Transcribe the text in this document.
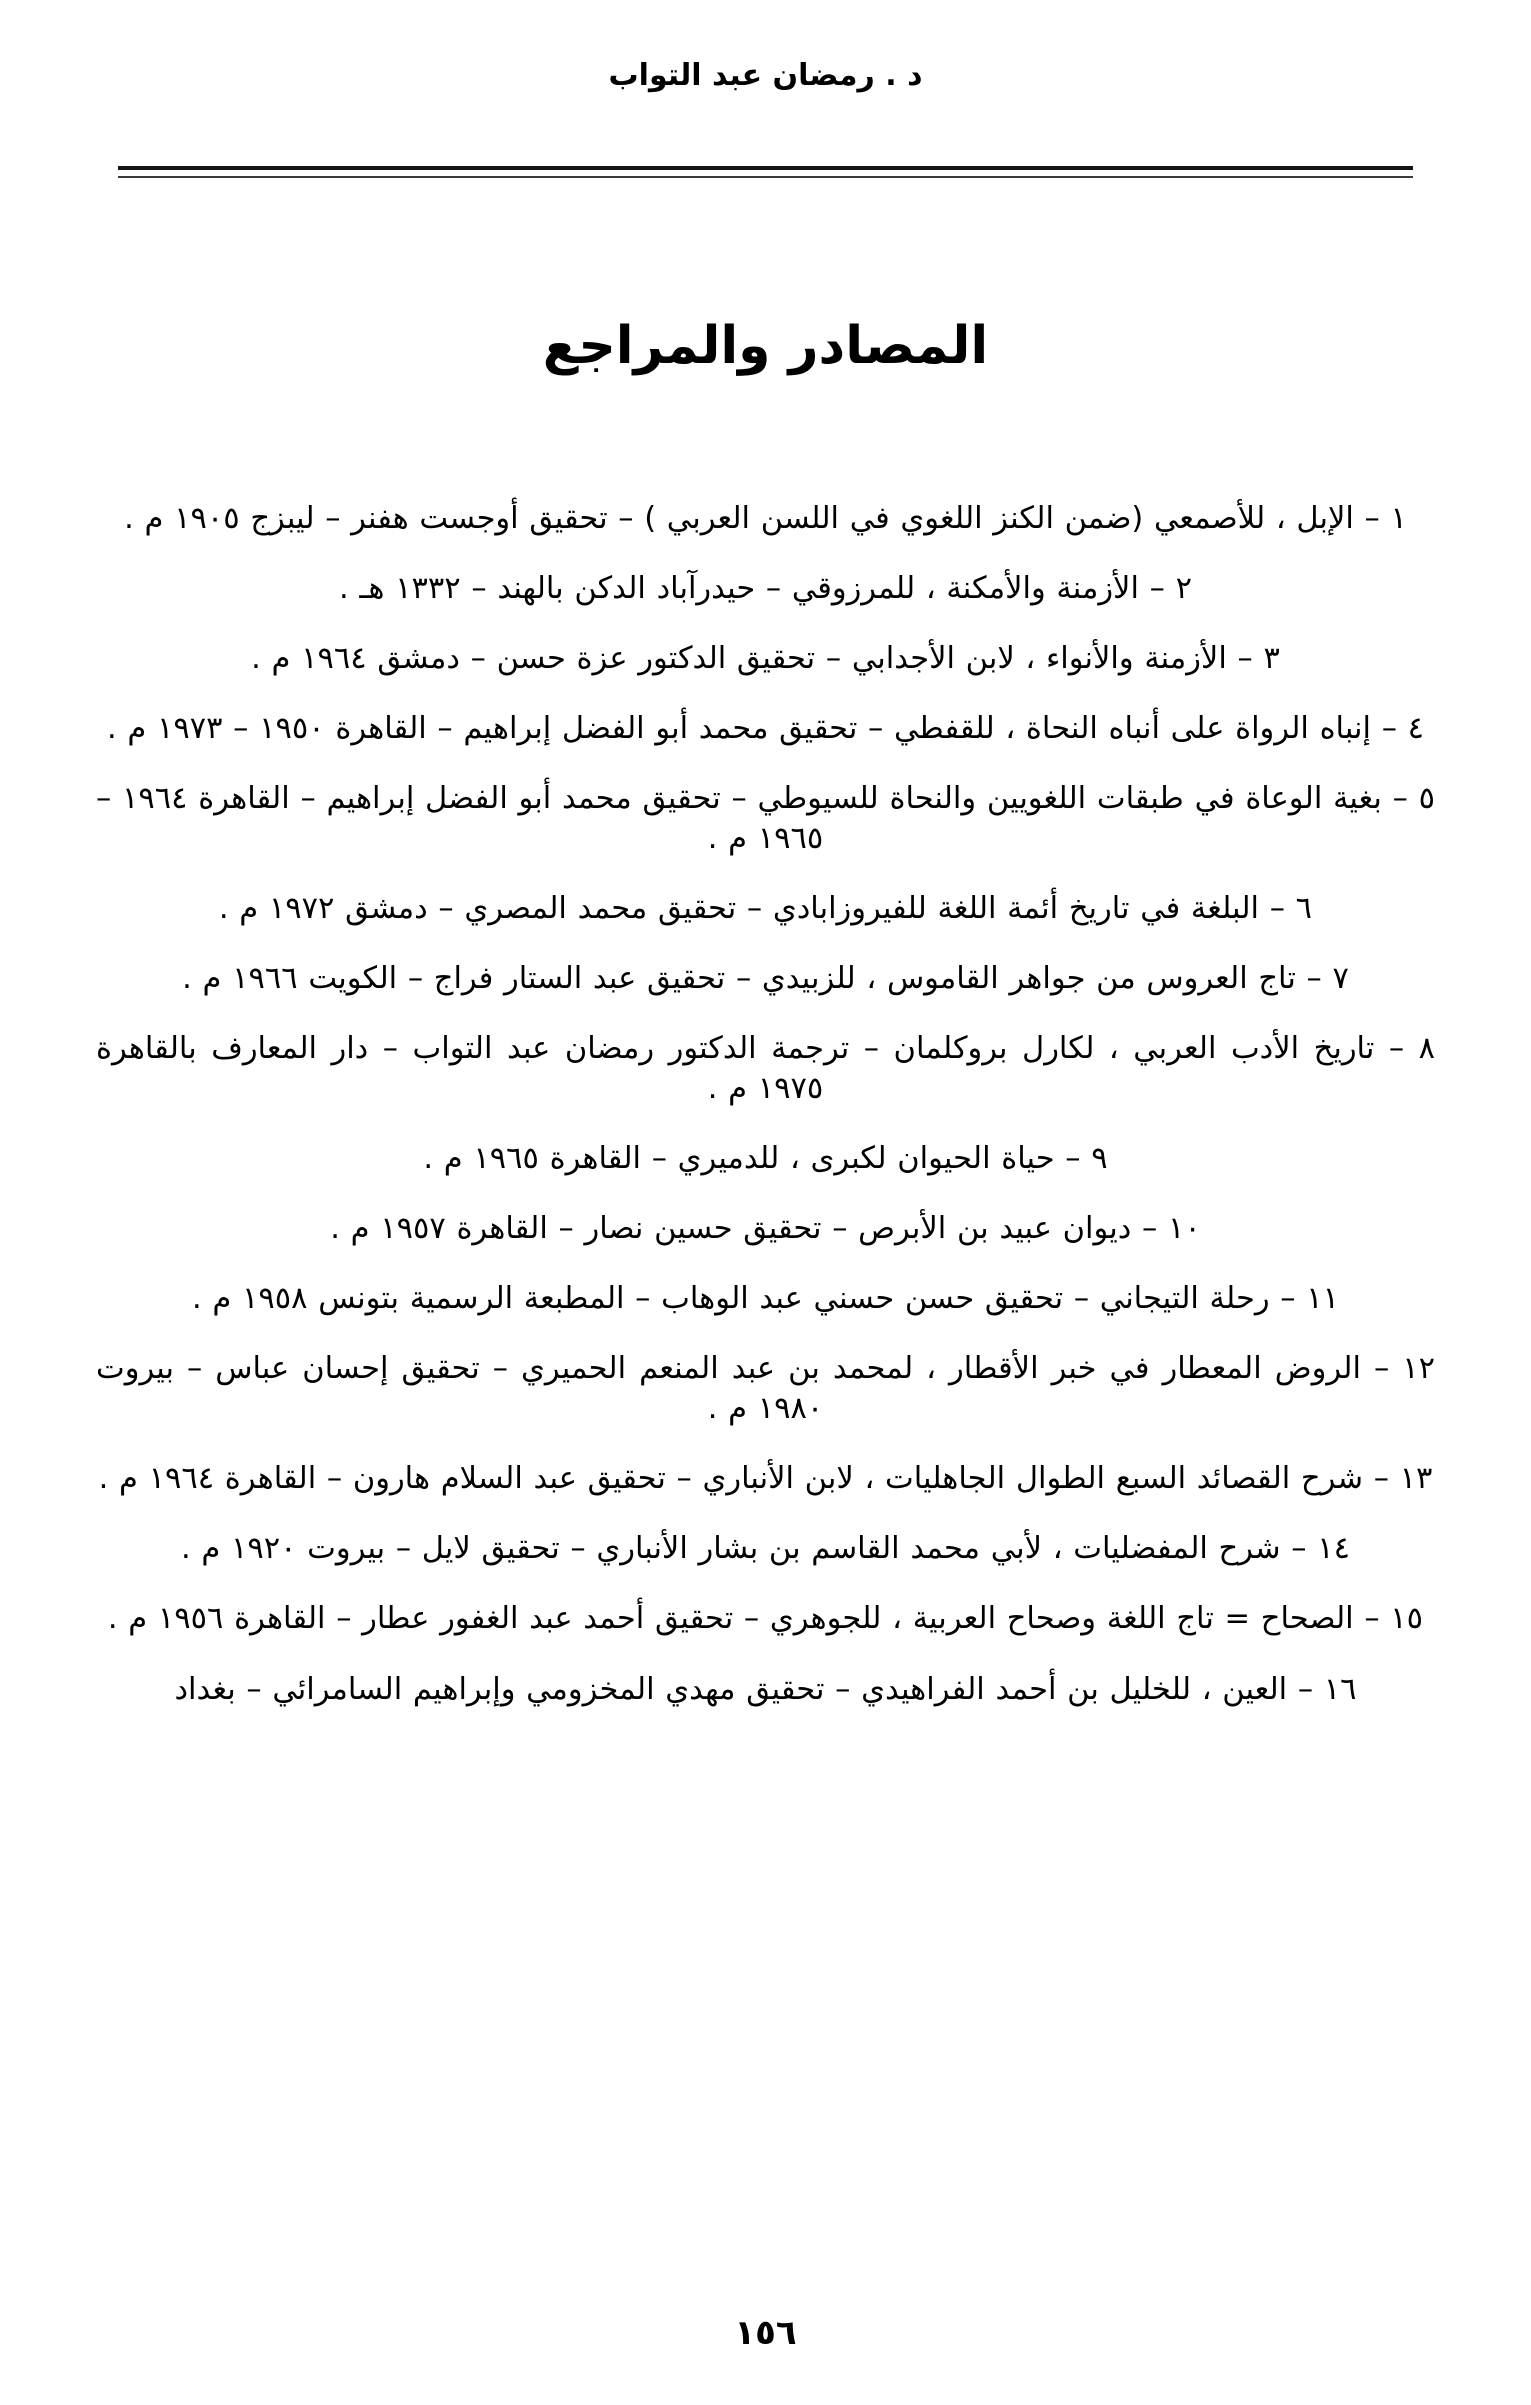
د . رمضان عبد التواب
المصادر والمراجع

١ – الإبل ، للأصمعي (ضمن الكنز اللغوي في اللسن العربي ) – تحقيق أوجست هفنر – ليبزج ١٩٠٥ م .

٢ – الأزمنة والأمكنة ، للمرزوقي – حيدرآباد الدكن بالهند – ١٣٣٢ هـ .

٣ – الأزمنة والأنواء ، لابن الأجدابي – تحقيق الدكتور عزة حسن – دمشق ١٩٦٤ م .

٤ – إنباه الرواة على أنباه النحاة ، للقفطي – تحقيق محمد أبو الفضل إبراهيم – القاهرة ١٩٥٠ – ١٩٧٣ م .

٥ – بغية الوعاة في طبقات اللغويين والنحاة للسيوطي – تحقيق محمد أبو الفضل إبراهيم – القاهرة ١٩٦٤ – ١٩٦٥ م .

٦ – البلغة في تاريخ أئمة اللغة للفيروزابادي – تحقيق محمد المصري – دمشق ١٩٧٢ م .

٧ – تاج العروس من جواهر القاموس ، للزبيدي – تحقيق عبد الستار فراج – الكويت ١٩٦٦ م .

٨ – تاريخ الأدب العربي ، لكارل بروكلمان – ترجمة الدكتور رمضان عبد التواب – دار المعارف بالقاهرة ١٩٧٥ م .

٩ – حياة الحيوان لكبرى ، للدميري – القاهرة ١٩٦٥ م .

١٠ – ديوان عبيد بن الأبرص – تحقيق حسين نصار – القاهرة ١٩٥٧ م .

١١ – رحلة التيجاني – تحقيق حسن حسني عبد الوهاب – المطبعة الرسمية بتونس ١٩٥٨ م .

١٢ – الروض المعطار في خبر الأقطار ، لمحمد بن عبد المنعم الحميري – تحقيق إحسان عباس – بيروت ١٩٨٠ م .

١٣ – شرح القصائد السبع الطوال الجاهليات ، لابن الأنباري – تحقيق عبد السلام هارون – القاهرة ١٩٦٤ م .

١٤ – شرح المفضليات ، لأبي محمد القاسم بن بشار الأنباري – تحقيق لايل – بيروت ١٩٢٠ م .

١٥ – الصحاح = تاج اللغة وصحاح العربية ، للجوهري – تحقيق أحمد عبد الغفور عطار – القاهرة ١٩٥٦ م .

١٦ – العين ، للخليل بن أحمد الفراهيدي – تحقيق مهدي المخزومي وإبراهيم السامرائي – بغداد

١٥٦
